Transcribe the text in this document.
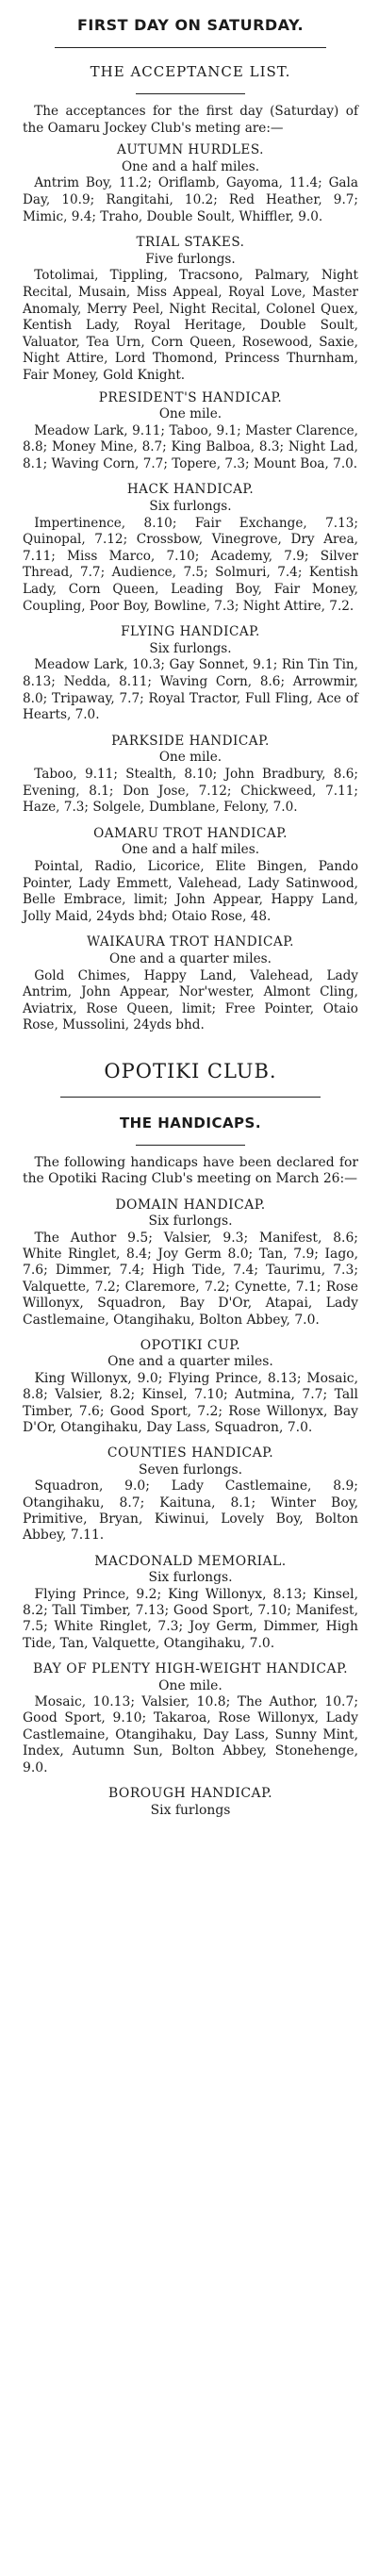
FIRST DAY ON SATURDAY.
THE ACCEPTANCE LIST.
The acceptances for the first day (Saturday) of the Oamaru Jockey Club's meting are:—
AUTUMN HURDLES.
One and a half miles.
Antrim Boy, 11.2; Oriflamb, Gayoma, 11.4; Gala Day, 10.9; Rangitahi, 10.2; Red Heather, 9.7; Mimic, 9.4; Traho, Double Soult, Whiffler, 9.0.
TRIAL STAKES.
Five furlongs.
Totolimai, Tippling, Tracsono, Palmary, Night Recital, Musain, Miss Appeal, Royal Love, Master Anomaly, Merry Peel, Night Recital, Colonel Quex, Kentish Lady, Royal Heritage, Double Soult, Valuator, Tea Urn, Corn Queen, Rosewood, Saxie, Night Attire, Lord Thomond, Princess Thurnham, Fair Money, Gold Knight.
PRESIDENT'S HANDICAP.
One mile.
Meadow Lark, 9.11; Taboo, 9.1; Master Clarence, 8.8; Money Mine, 8.7; King Balboa, 8.3; Night Lad, 8.1; Waving Corn, 7.7; Topere, 7.3; Mount Boa, 7.0.
HACK HANDICAP.
Six furlongs.
Impertinence, 8.10; Fair Exchange, 7.13; Quinopal, 7.12; Crossbow, Vinegrove, Dry Area, 7.11; Miss Marco, 7.10; Academy, 7.9; Silver Thread, 7.7; Audience, 7.5; Solmuri, 7.4; Kentish Lady, Corn Queen, Leading Boy, Fair Money, Coupling, Poor Boy, Bowline, 7.3; Night Attire, 7.2.
FLYING HANDICAP.
Six furlongs.
Meadow Lark, 10.3; Gay Sonnet, 9.1; Rin Tin Tin, 8.13; Nedda, 8.11; Waving Corn, 8.6; Arrowmir, 8.0; Tripaway, 7.7; Royal Tractor, Full Fling, Ace of Hearts, 7.0.
PARKSIDE HANDICAP.
One mile.
Taboo, 9.11; Stealth, 8.10; John Bradbury, 8.6; Evening, 8.1; Don Jose, 7.12; Chickweed, 7.11; Haze, 7.3; Solgele, Dumblane, Felony, 7.0.
OAMARU TROT HANDICAP.
One and a half miles.
Pointal, Radio, Licorice, Elite Bingen, Pando Pointer, Lady Emmett, Valehead, Lady Satinwood, Belle Embrace, limit; John Appear, Happy Land, Jolly Maid, 24yds bhd; Otaio Rose, 48.
WAIKAURA TROT HANDICAP.
One and a quarter miles.
Gold Chimes, Happy Land, Valehead, Lady Antrim, John Appear, Nor'wester, Almont Cling, Aviatrix, Rose Queen, limit; Free Pointer, Otaio Rose, Mussolini, 24yds bhd.
OPOTIKI CLUB.
THE HANDICAPS.
The following handicaps have been declared for the Opotiki Racing Club's meeting on March 26:—
DOMAIN HANDICAP.
Six furlongs.
The Author 9.5; Valsier, 9.3; Manifest, 8.6; White Ringlet, 8.4; Joy Germ 8.0; Tan, 7.9; Iago, 7.6; Dimmer, 7.4; High Tide, 7.4; Taurimu, 7.3; Valquette, 7.2; Claremore, 7.2; Cynette, 7.1; Rose Willonyx, Squadron, Bay D'Or, Atapai, Lady Castlemaine, Otangihaku, Bolton Abbey, 7.0.
OPOTIKI CUP.
One and a quarter miles.
King Willonyx, 9.0; Flying Prince, 8.13; Mosaic, 8.8; Valsier, 8.2; Kinsel, 7.10; Autmina, 7.7; Tall Timber, 7.6; Good Sport, 7.2; Rose Willonyx, Bay D'Or, Otangihaku, Day Lass, Squadron, 7.0.
COUNTIES HANDICAP.
Seven furlongs.
Squadron, 9.0; Lady Castlemaine, 8.9; Otangihaku, 8.7; Kaituna, 8.1; Winter Boy, Primitive, Bryan, Kiwinui, Lovely Boy, Bolton Abbey, 7.11.
MACDONALD MEMORIAL.
Six furlongs.
Flying Prince, 9.2; King Willonyx, 8.13; Kinsel, 8.2; Tall Timber, 7.13; Good Sport, 7.10; Manifest, 7.5; White Ringlet, 7.3; Joy Germ, Dimmer, High Tide, Tan, Valquette, Otangihaku, 7.0.
BAY OF PLENTY HIGH-WEIGHT HANDICAP.
One mile.
Mosaic, 10.13; Valsier, 10.8; The Author, 10.7; Good Sport, 9.10; Takaroa, Rose Willonyx, Lady Castlemaine, Otangihaku, Day Lass, Sunny Mint, Index, Autumn Sun, Bolton Abbey, Stonehenge, 9.0.
BOROUGH HANDICAP.
Six furlongs
